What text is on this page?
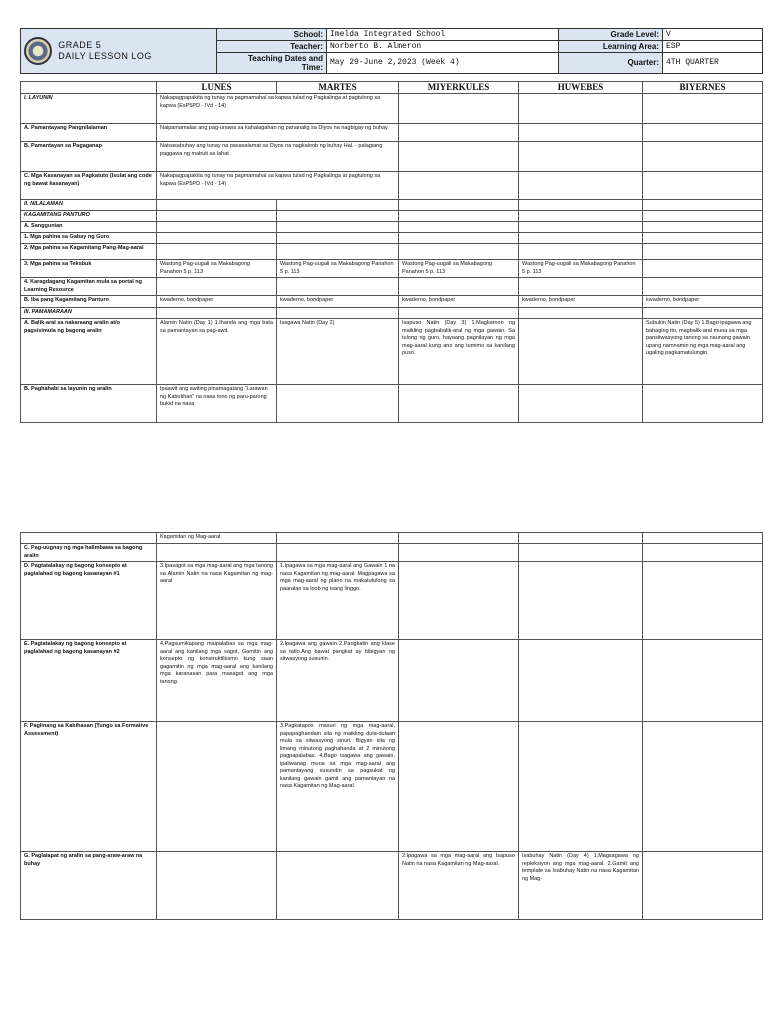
GRADE 5
DAILY LESSON LOG	School:	Imelda Integrated School	Grade Level:	V
	Teacher:	Norberto B. Almeron	Learning Area:	ESP
	Teaching Dates and
Time:	May 29-June 2,2023 (Week 4)	Quarter:	4TH QUARTER
	LUNES	MARTES	MIYERKULES	HUWEBES	BIYERNES
I. LAYUNIN	Nakapagpapakita ng tunay na pagmamahal sa kapwa tulad ng Pagkalinga at pagtulong sa kapwa (EsP5PD - IVd - 14)				
A. Pamantayang Pangnilalaman	Naipamamalas ang pag-unawa sa kahalagahan ng pananalig sa Diyos na nagbigay ng buhay				
B. Pamantayan sa Pagaganap	Naisasabuhay ang tunay na pasasalamat sa Diyos na nagkaloob ng buhay Hal. - palagiang paggawa ng mabuti sa lahat				
C. Mga Kasanayan sa Pagkatuto (Isulat ang code ng bawat kasanayan)	Nakapagpapakita ng tunay na pagmamahal sa kapwa tulad ng Pagkalinga at pagtulong sa kapwa (EsP5PD - IVd - 14)				
II. NILALAMAN					
KAGAMITANG PANTURO					
A. Sanggunian					
1. Mga pahina sa Gabay ng Guro					
2. Mga pahina sa Kagamitang Pang-Mag-aaral					
3. Mga pahina sa Teksbuk	Wastong Pag-uugali sa Makabagong Panahon 5 p. 113	Wastong Pag-uugali sa Makabagong Panahon 5 p. 113	Wastong Pag-uugali sa Makabagong Panahon 5 p. 113	Wastong Pag-uugali sa Makabagong Panahon 5 p. 113	
4. Karagdagang Kagamitan mula sa portal ng Learning Resource					
B. Iba pang Kagamitang Panturo	kwaderno, bondpaper	kwaderno, bondpaper	kwaderno, bondpaper	kwaderno, bondpaper	kwaderno, bondpaper
III. PAMAMARAAN					
A. Balik-aral sa nakaraang aralin at/o pagsisimula ng bagong aralin	Alamin Natin (Day 1) 1.Ihanda ang mga bata sa pamantayan sa pag-awit.	Isagawa Natin (Day 2)	Isapuso Natin (Day 3) 1.Magkaroon ng maikling pagbabalik-aral ng mga gawain. Sa tulong ng guro, hayaang pagnilayan ng mga mag-aaral kung ano ang tumimo sa kanilang puso.		Subukin Natin (Day 5) 1.Bago ipagawa ang bahaging ito, magbalik-aral muna sa mga pansitwasyong tanong sa naunang gawain upang namnamin ng mga mag-aaral ang ugaling pagkamatulungin.
B. Paghahabi sa layunin ng aralin	Ipaawit ang awiting pinamagatang “Larawan ng Kabutihan” na nasa tono ng paru-parong bukid na nasa				
	Kagamitan ng Mag-aaral.				
C. Pag-uugnay ng mga halimbawa sa bagong aralin					
D. Pagtatalakay ng bagong konsepto at paglalahad ng bagong kasanayan #1	3.Ipasagot sa mga mag-aaral ang mga tanong sa Alamin Natin na nasa Kagamitan ng mag-aaral	1.Ipagawa sa mga mag-aaral ang Gawain 1 na nasa Kagamitan ng mag-aaral. Magpagawa sa mga mag-aaral ng plano na makatutulong sa paaralan sa loob ng isang linggo.			
E. Pagtatalakay ng bagong konsepto at paglalahad ng bagong kasanayan #2	4.Pagsumikapang maipalabas sa mga mag-aaral ang kanilang mga sagot. Gamitin ang konsepto ng konstruktibismo kung saan gagamitin ng mga mag-aaral ang kanilang mga karanasan para masagot ang mga tanong.	2.Ipagawa ang gawain 2.Pangkatin ang klase sa tatlo.Ang bawat pangkat ay bibigyan ng sitwasyong susuriin.			
F. Paglinang sa Kabihasan (Tungo sa Formative Assessment)		3.Pagkatapos masuri ng mga mag-aaral, papapaghandain sila ng maikling dula-dulaan mula sa sitwasyong sinuri. Bigyan sila ng limang minutong paghahanda at 2 minutong pagpapalabas. 4.Bago isagawa ang gawain, ipaliwanag muna sa mga mag-aaral ang pamantayang susundin sa pagsukat ng kanilang gawain gamit ang pamantayan na nasa Kagamitan ng Mag-aaral.			
G. Paglalapat ng aralin sa pang-araw-araw na buhay			2.Ipagawa sa mga mag-aaral ang Isapuso Natin na nasa Kagamitan ng Mag-aaral.	Isabuhay Natin (Day 4) 1.Magsagawa ng repleksiyon ang mga mag-aaral. 2.Gamit ang template sa Isabuhay Natin na nasa Kagamitan ng Mag-	
